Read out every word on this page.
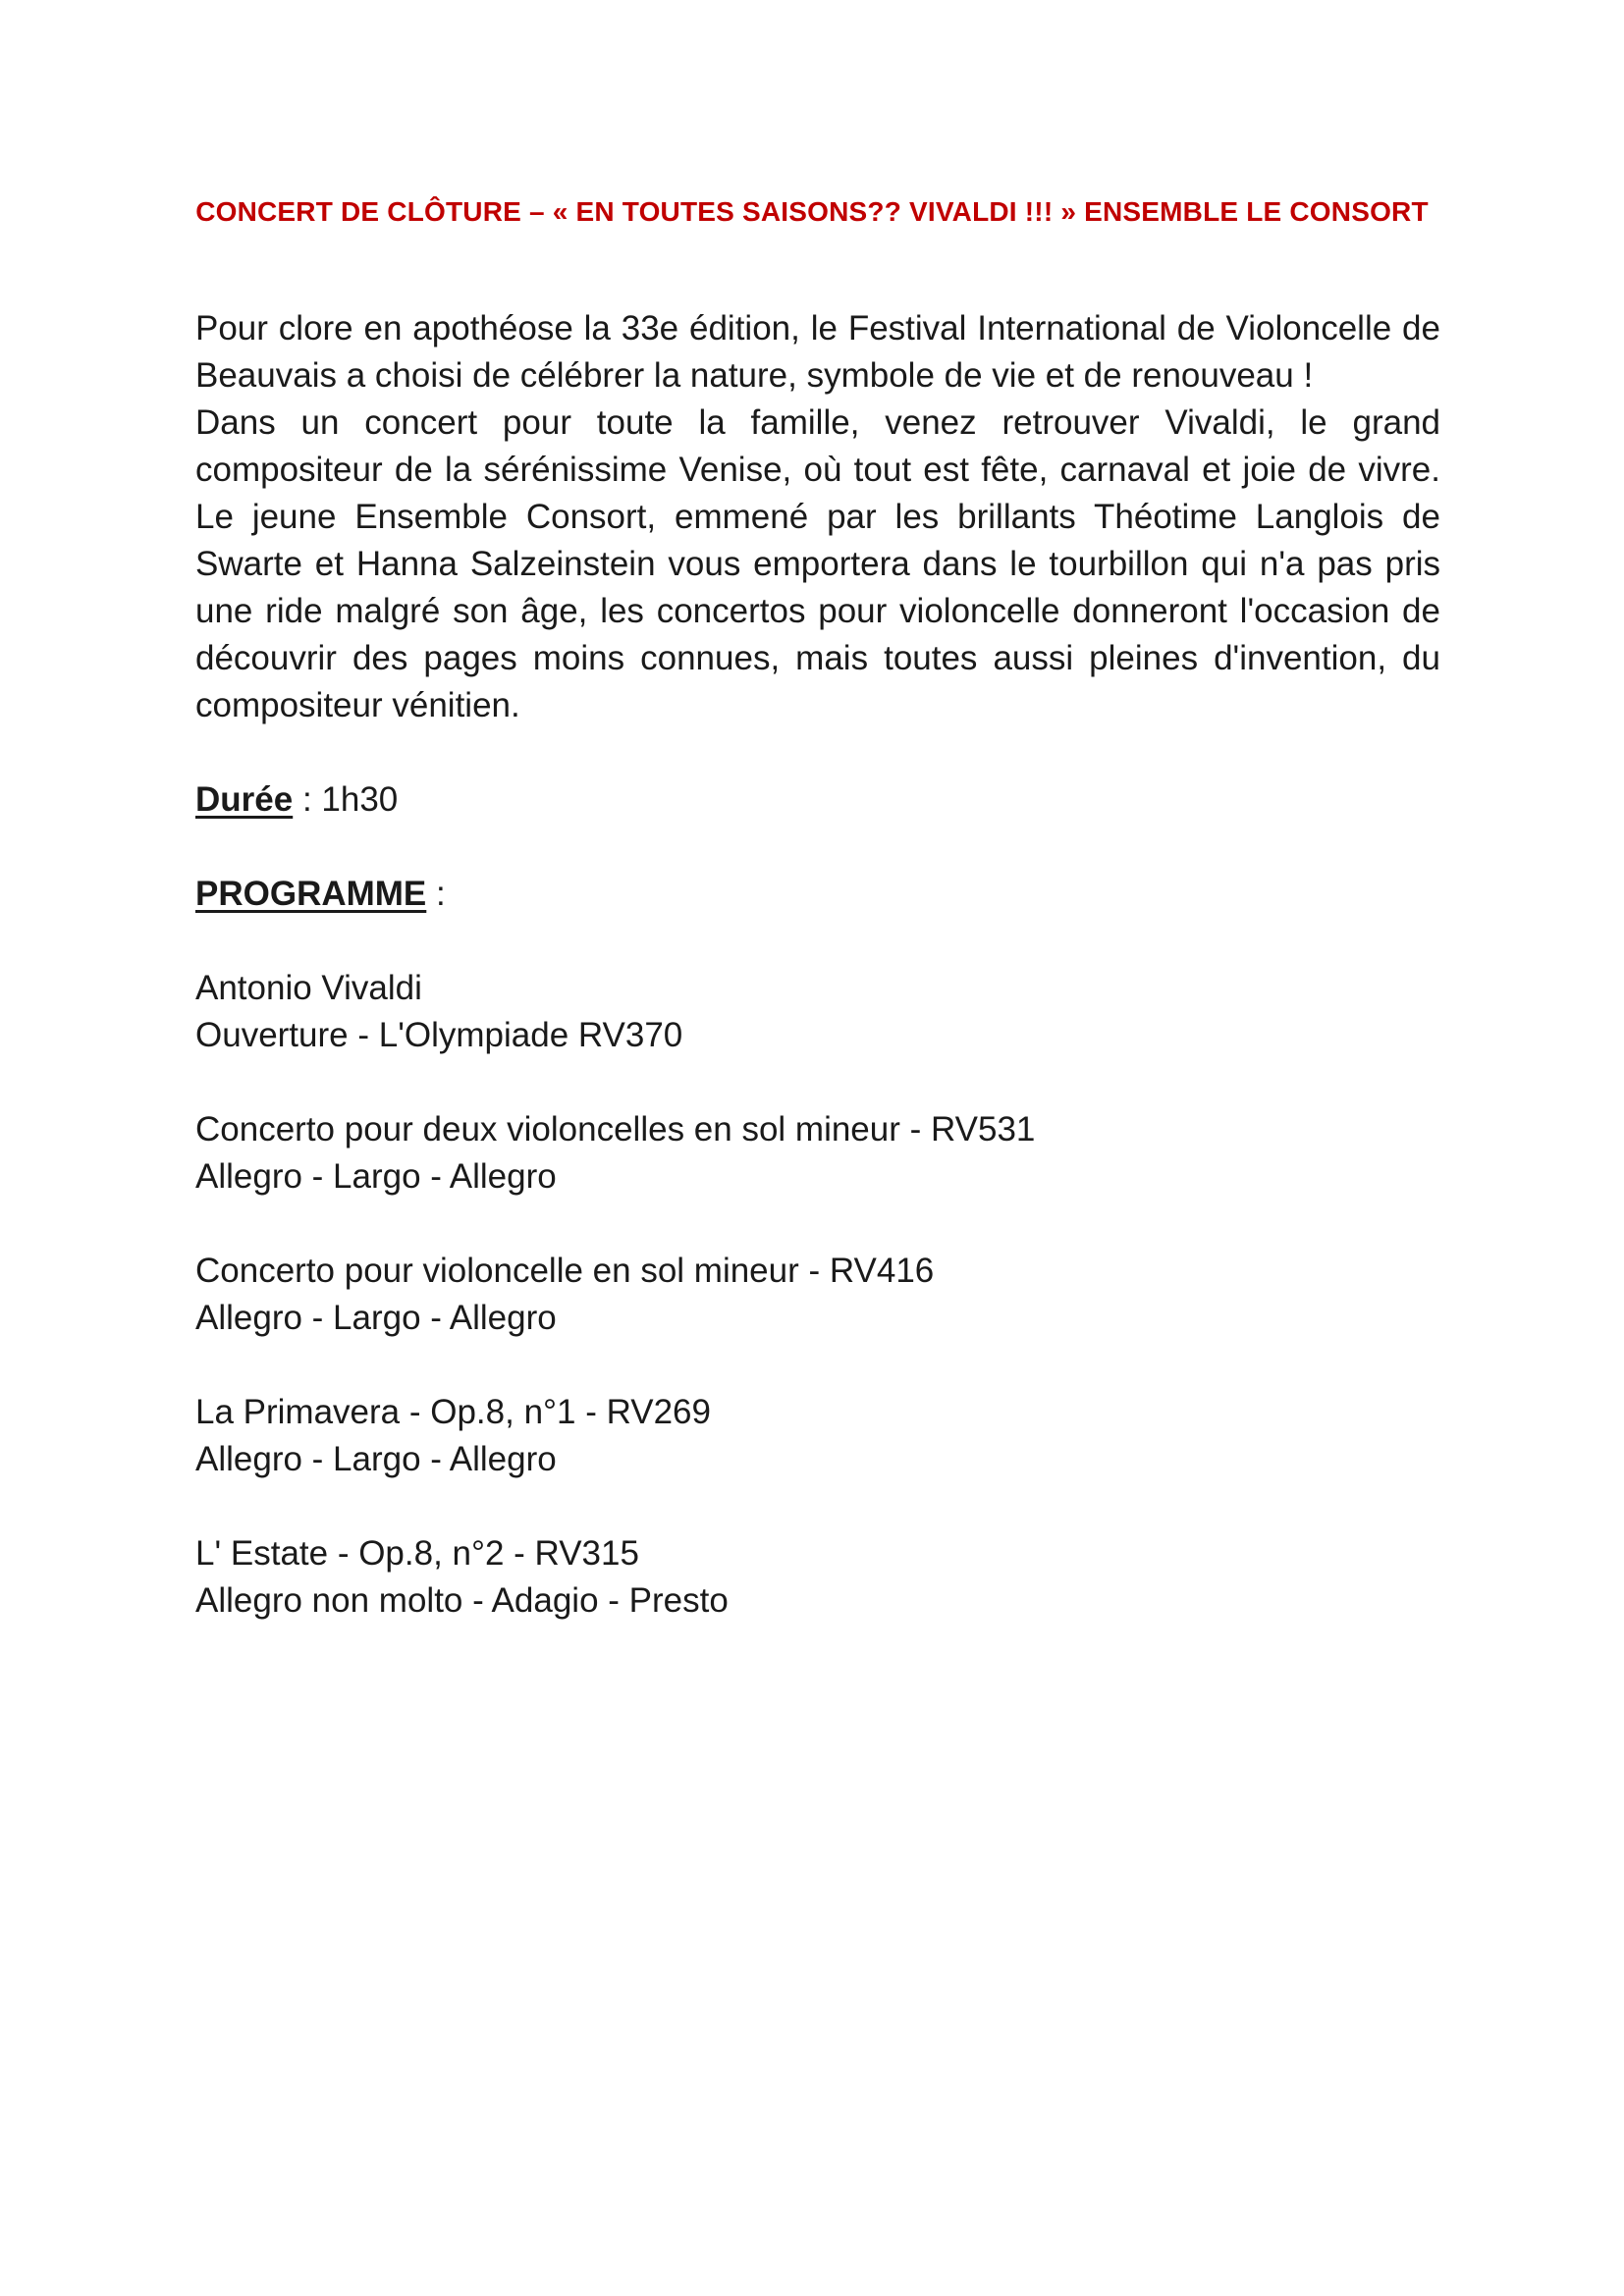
CONCERT DE CLÔTURE – « EN TOUTES SAISONS?? VIVALDI !!! » ENSEMBLE LE CONSORT

Pour clore en apothéose la 33e édition, le Festival International de Violoncelle de Beauvais a choisi de célébrer la nature, symbole de vie et de renouveau !

Dans un concert pour toute la famille, venez retrouver Vivaldi, le grand compositeur de la sérénissime Venise, où tout est fête, carnaval et joie de vivre. Le jeune Ensemble Consort, emmené par les brillants Théotime Langlois de Swarte et Hanna Salzeinstein vous emportera dans le tourbillon qui n'a pas pris une ride malgré son âge, les concertos pour violoncelle donneront l'occasion de découvrir des pages moins connues, mais toutes aussi pleines d'invention, du compositeur vénitien.

Durée : 1h30
PROGRAMME :
Antonio Vivaldi
Ouverture - L'Olympiade RV370
Concerto pour deux violoncelles en sol mineur - RV531
Allegro - Largo - Allegro
Concerto pour violoncelle en sol mineur - RV416
Allegro - Largo - Allegro
La Primavera - Op.8, n°1 - RV269
Allegro - Largo - Allegro
L' Estate - Op.8, n°2 - RV315
Allegro non molto - Adagio - Presto
